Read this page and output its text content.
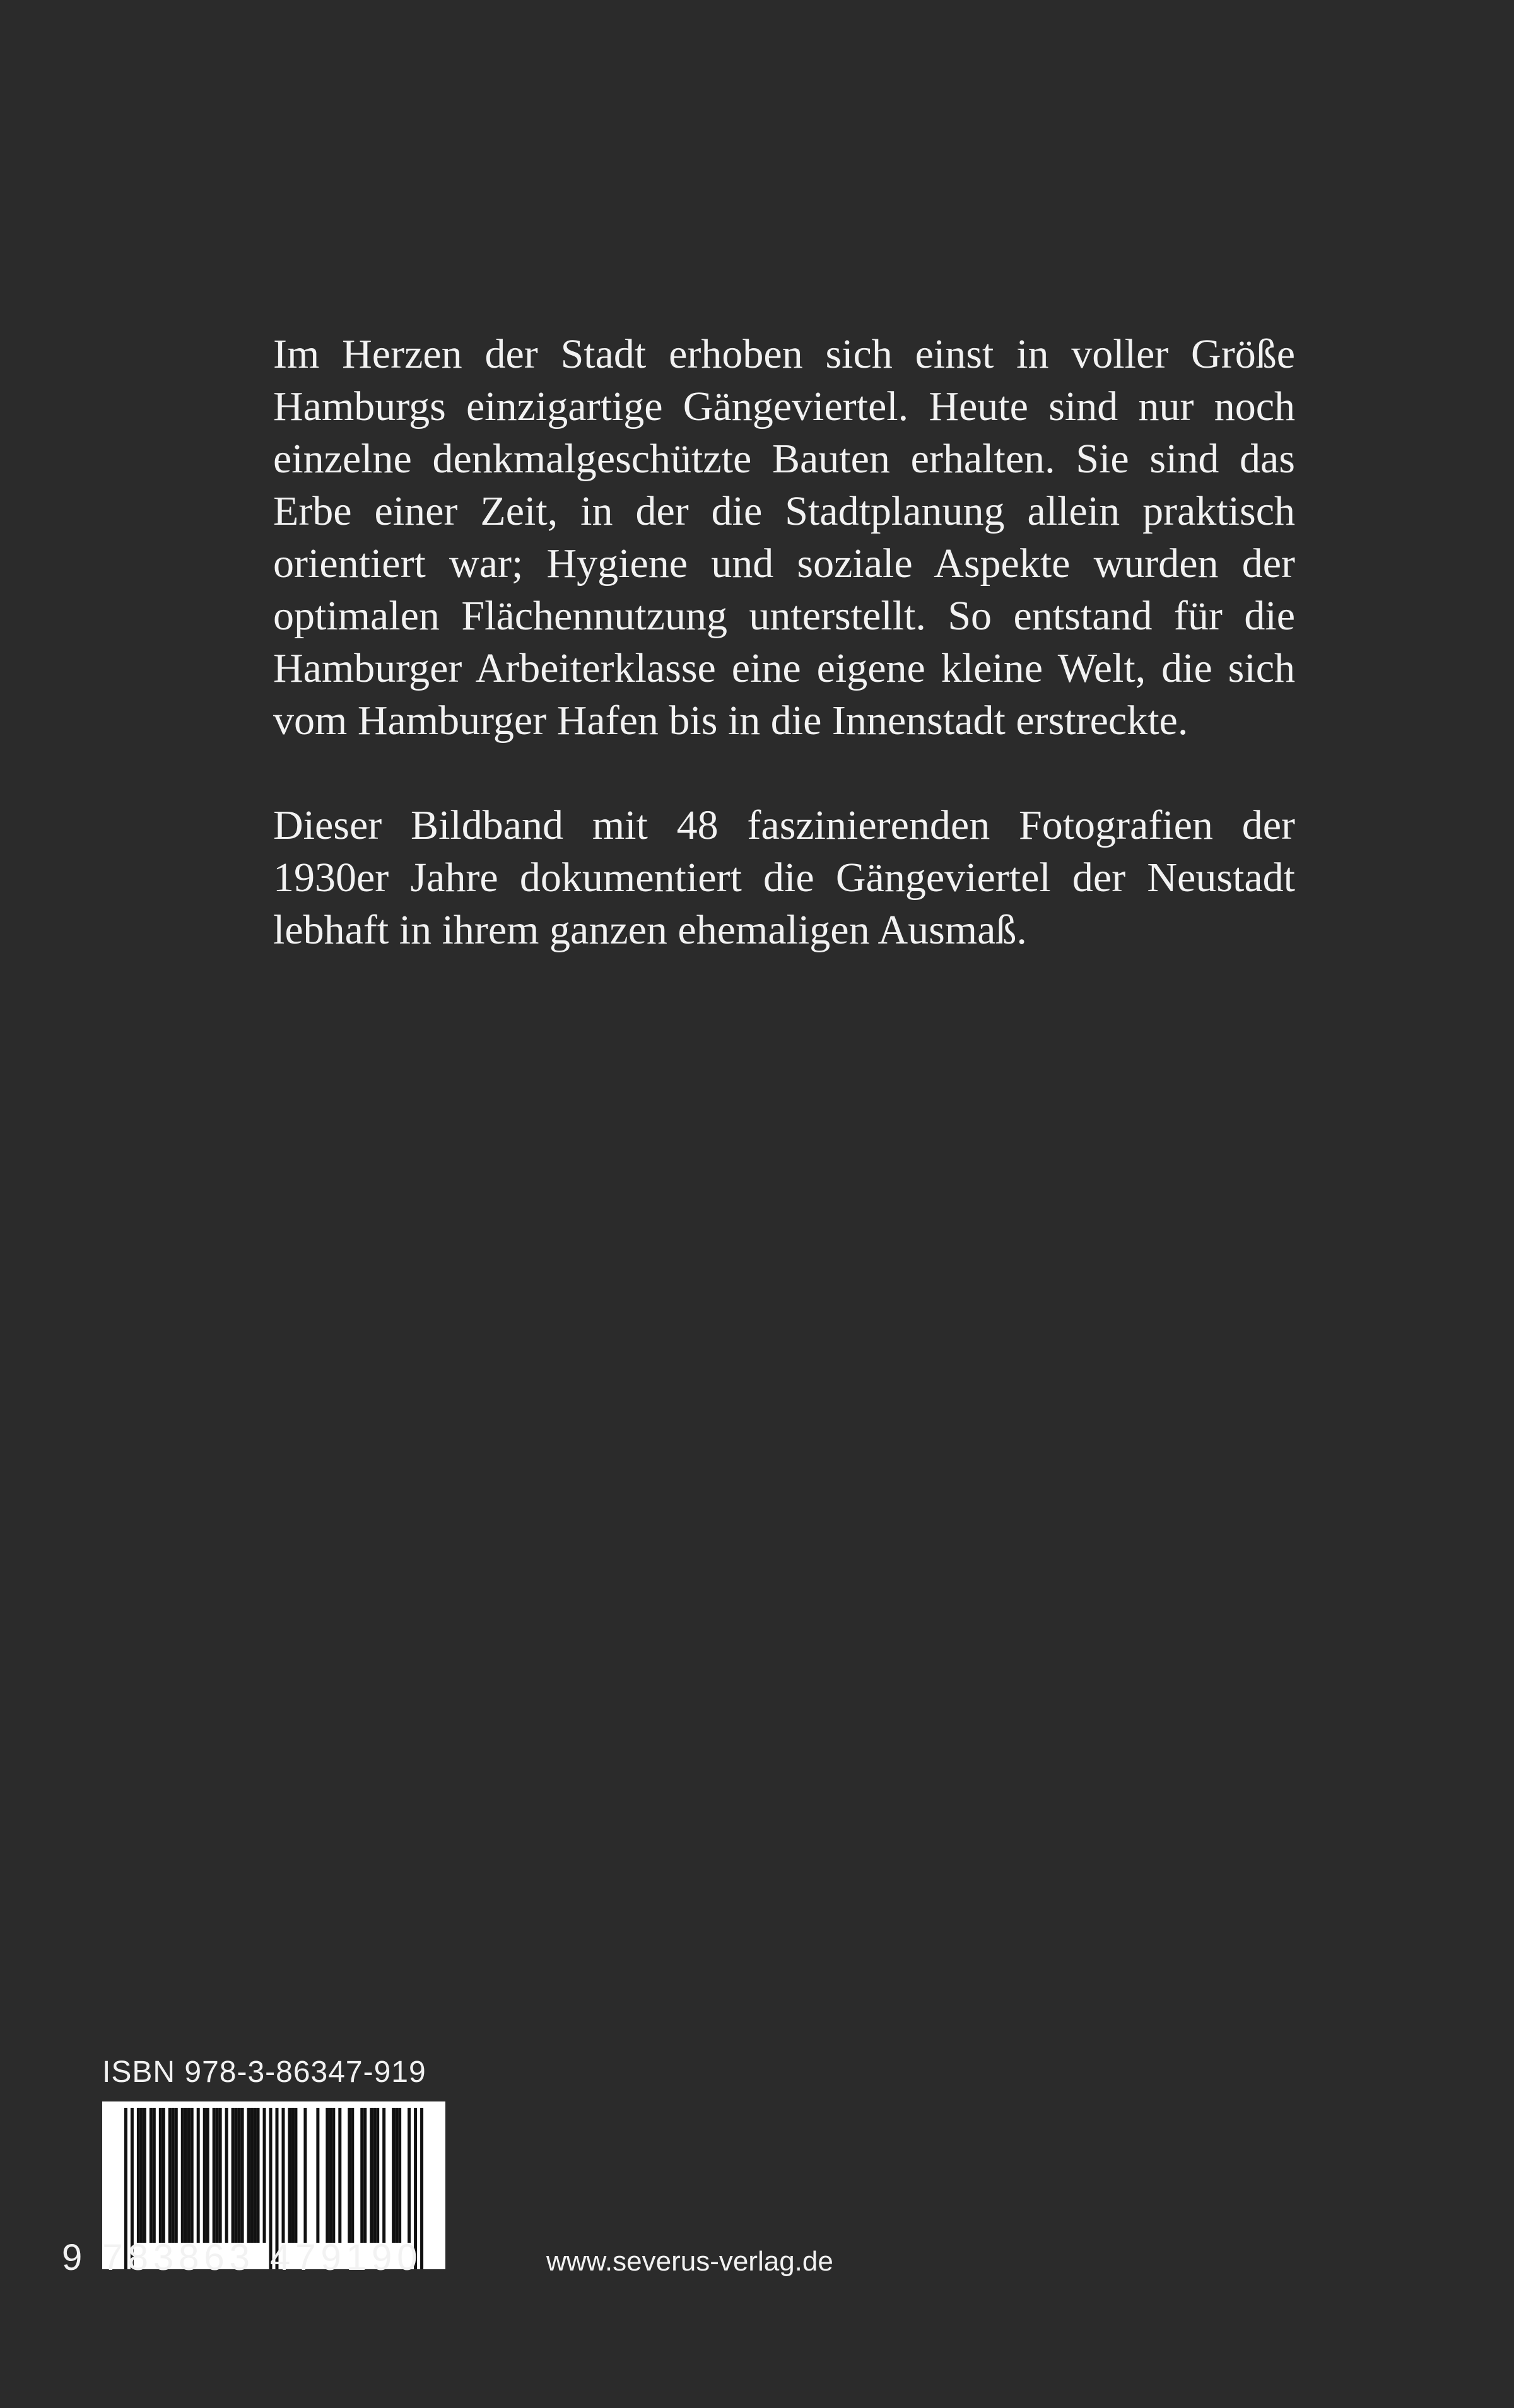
Im Herzen der Stadt erhoben sich einst in voller Größe
Hamburgs einzigartige Gängeviertel. Heute sind nur noch
einzelne denkmalgeschützte Bauten erhalten. Sie sind das
Erbe einer Zeit, in der die Stadtplanung allein praktisch
orientiert war; Hygiene und soziale Aspekte wurden der
optimalen Flächennutzung unterstellt. So entstand für die
Hamburger Arbeiterklasse eine eigene kleine Welt, die sich
vom Hamburger Hafen bis in die Innenstadt erstreckte.

Dieser Bildband mit 48 faszinierenden Fotografien der
1930er Jahre dokumentiert die Gängeviertel der Neustadt
lebhaft in ihrem ganzen ehemaligen Ausmaß.

ISBN 978-3-86347-919
9 783863 479190	www.severus-verlag.de
